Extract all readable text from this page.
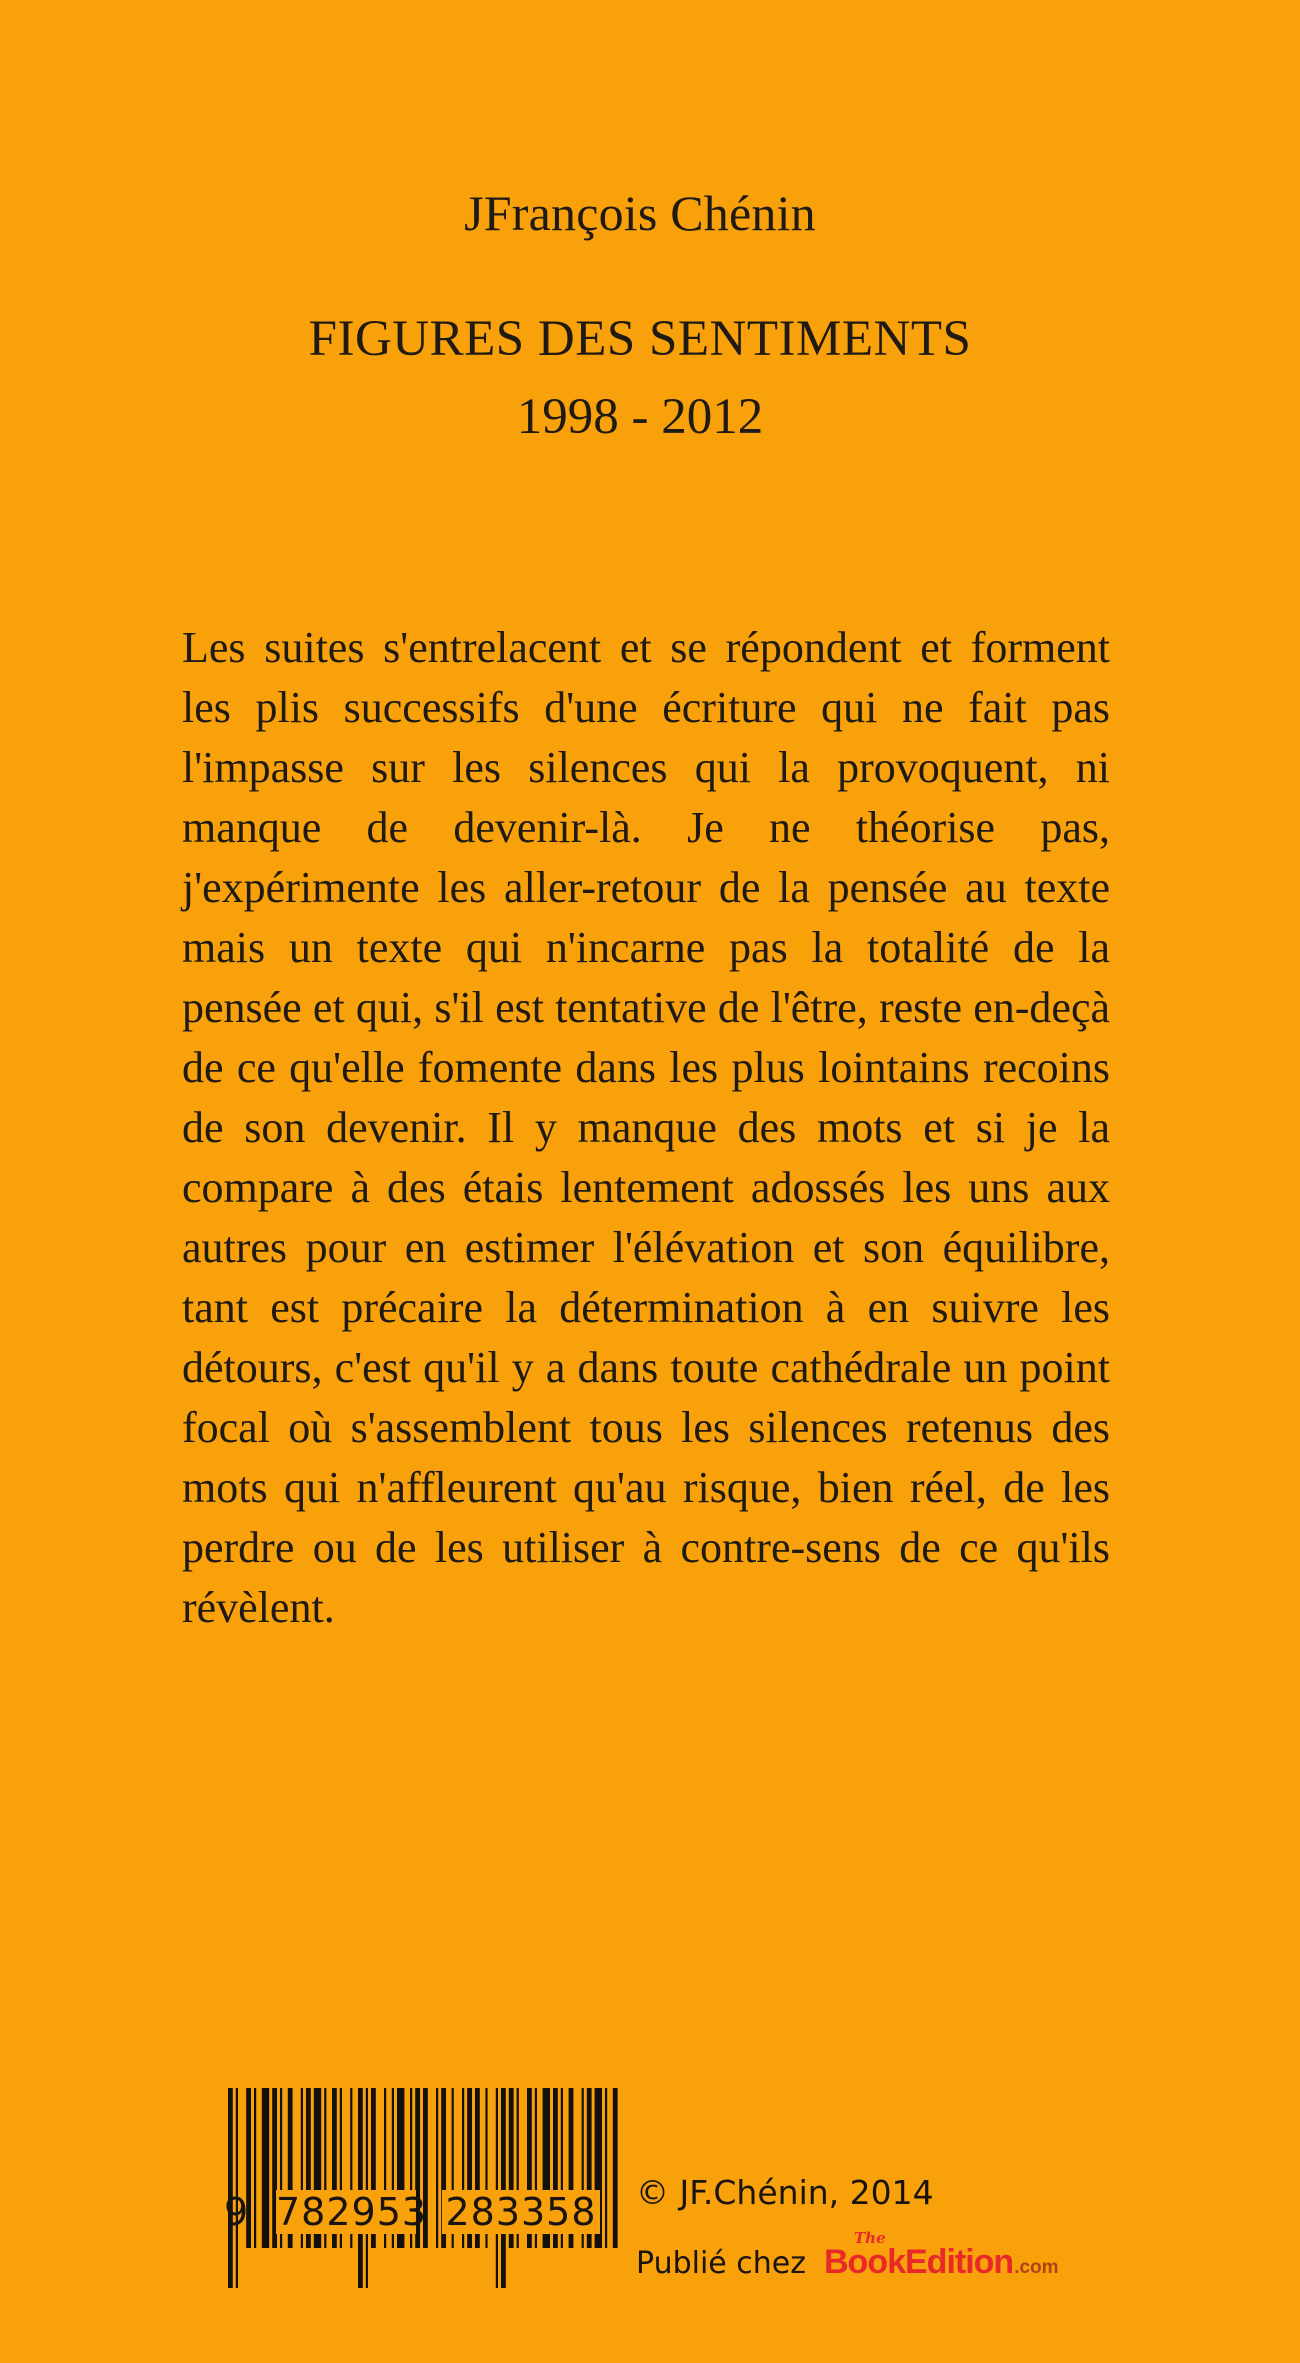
JFrançois Chénin
FIGURES DES SENTIMENTS
1998 - 2012

Les suites s'entrelacent et se répondent et forment les plis successifs d'une écriture qui ne fait pas l'impasse sur les silences qui la provoquent, ni manque de devenir-là. Je ne théorise pas, j'expérimente les aller-retour de la pensée au texte mais un texte qui n'incarne pas la totalité de la pensée et qui, s'il est tentative de l'être, reste en-deçà de ce qu'elle fomente dans les plus lointains recoins de son devenir. Il y manque des mots et si je la compare à des étais lentement adossés les uns aux autres pour en estimer l'élévation et son équilibre, tant est précaire la détermination à en suivre les détours, c'est qu'il y a dans toute cathédrale un point focal où s'assemblent tous les silences retenus des mots qui n'affleurent qu'au risque, bien réel, de les perdre ou de les utiliser à contre-sens de ce qu'ils révèlent.

9 782953 283358 © JF.Chénin, 2014
Publié chez
The
BookEdition .com
